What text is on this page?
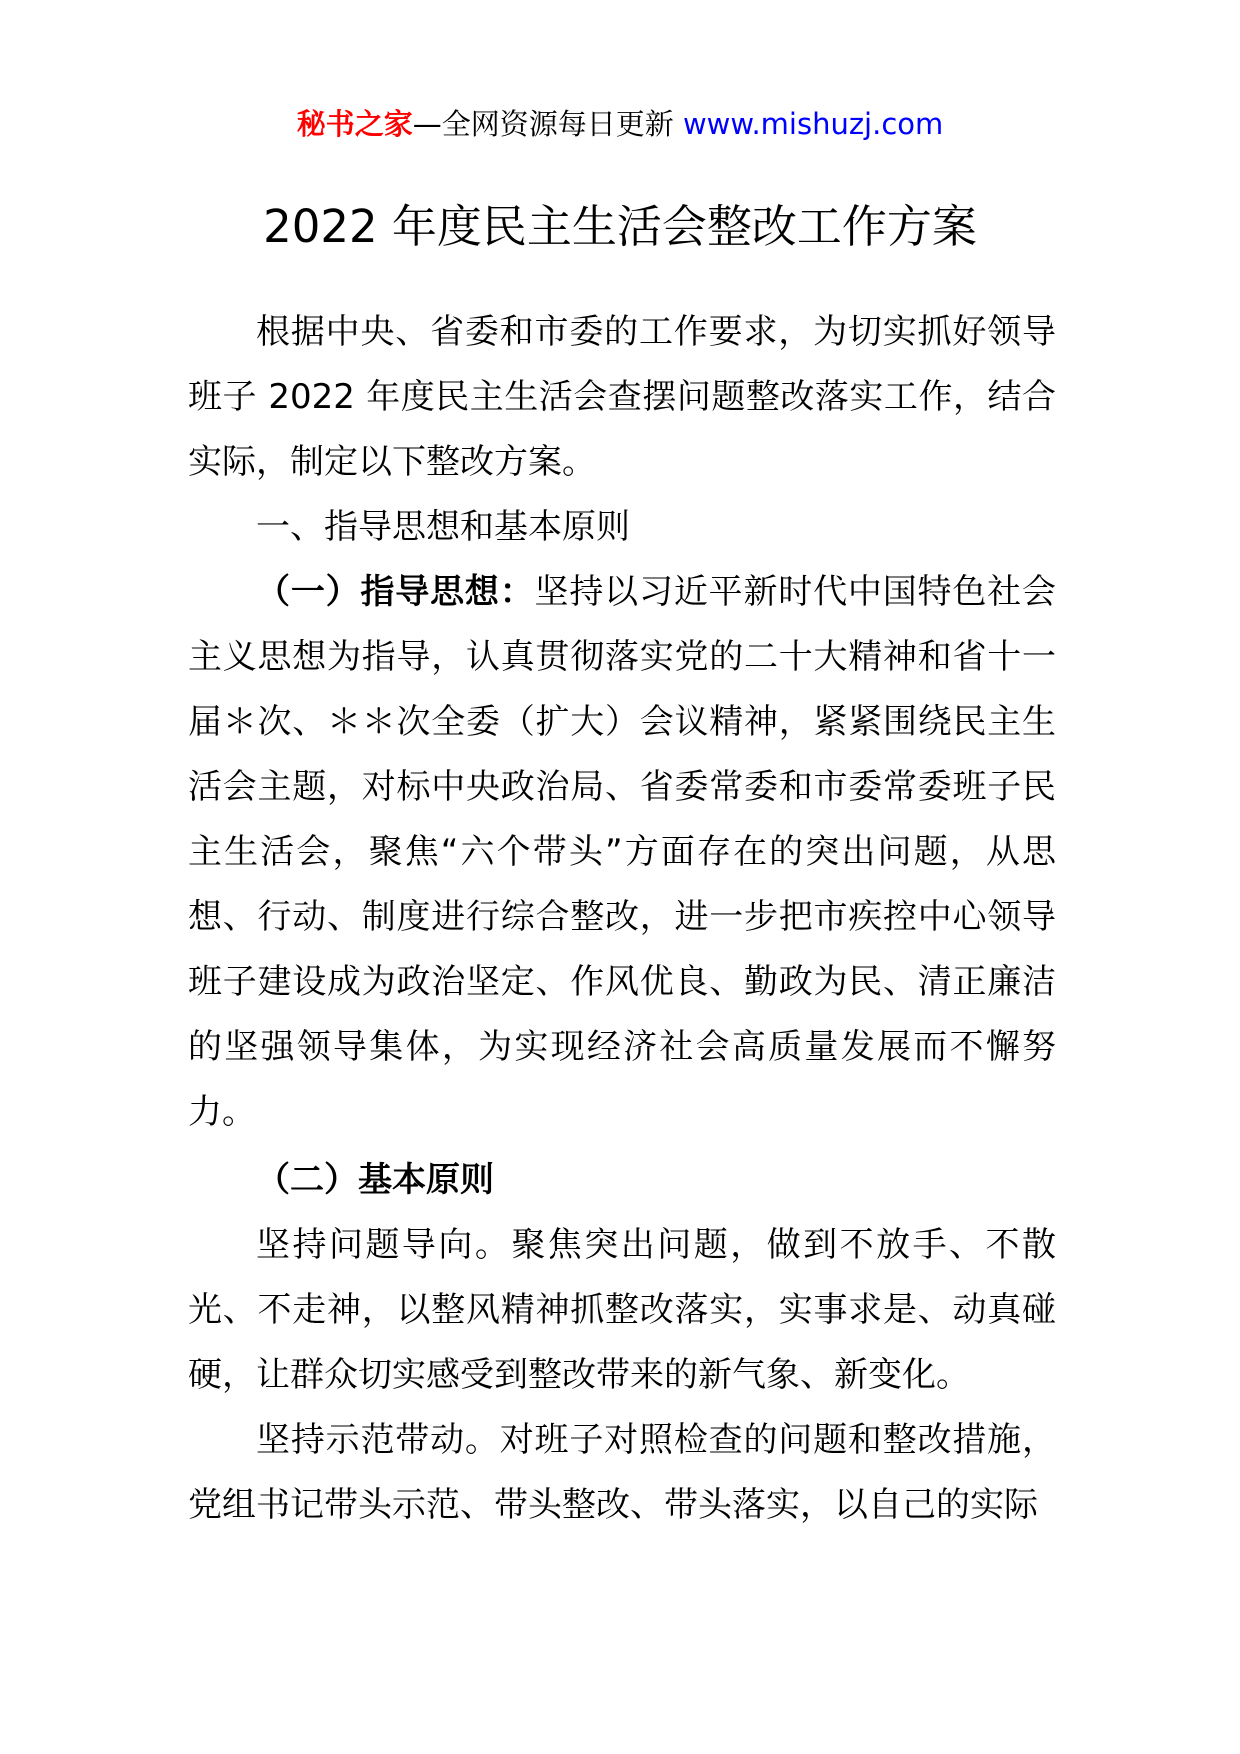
秘书之家—全网资源每日更新 www.mishuzj.com
2022 年度民主生活会整改工作方案

根据中央、省委和市委的工作要求，为切实抓好领导班子 2022 年度民主生活会查摆问题整改落实工作，结合实际，制定以下整改方案。

一、指导思想和基本原则

（一）指导思想：坚持以习近平新时代中国特色社会主义思想为指导，认真贯彻落实党的二十大精神和省十一届＊次、＊＊次全委（扩大）会议精神，紧紧围绕民主生活会主题，对标中央政治局、省委常委和市委常委班子民主生活会，聚焦“六个带头”方面存在的突出问题，从思想、行动、制度进行综合整改，进一步把市疾控中心领导班子建设成为政治坚定、作风优良、勤政为民、清正廉洁的坚强领导集体，为实现经济社会高质量发展而不懈努力。

（二）基本原则

坚持问题导向。聚焦突出问题，做到不放手、不散光、不走神，以整风精神抓整改落实，实事求是、动真碰硬，让群众切实感受到整改带来的新气象、新变化。

坚持示范带动。对班子对照检查的问题和整改措施，党组书记带头示范、带头整改、带头落实，以自己的实际
